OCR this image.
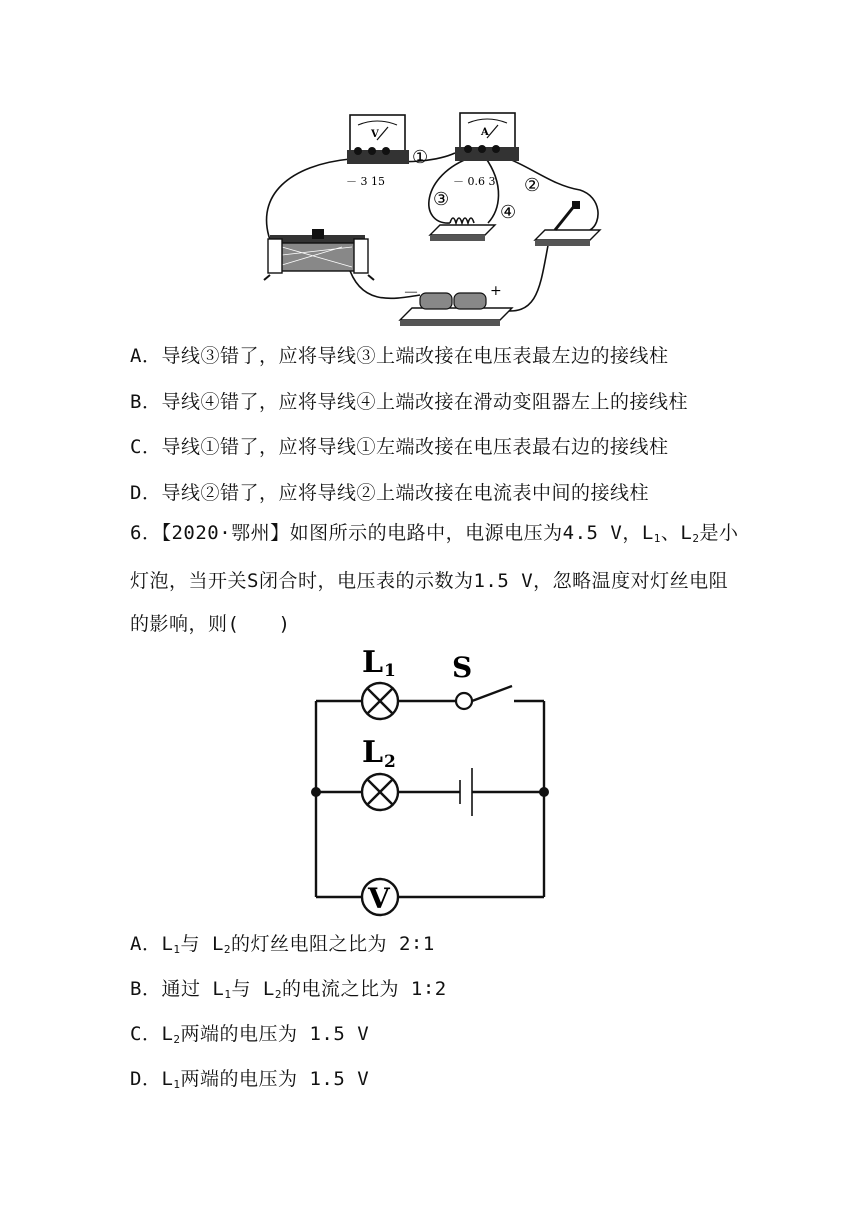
V
－ 3 15
A
－ 0.6 3
①
②
③
④
－	+
A．导线③错了，应将导线③上端改接在电压表最左边的接线柱
B．导线④错了，应将导线④上端改接在滑动变阻器左上的接线柱
C．导线①错了，应将导线①左端改接在电压表最右边的接线柱
D．导线②错了，应将导线②上端改接在电流表中间的接线柱
6．【2020·鄂州】如图所示的电路中，电源电压为4.5 V，$L_1$、$L_2$是小灯泡，当开关S闭合时，电压表的示数为1.5 V，忽略温度对灯丝电阻的影响，则(　　)
L 1 S
L 2
V
A．$L_1$与 $L_2$的灯丝电阻之比为 2∶1
B．通过 $L_1$与 $L_2$的电流之比为 1∶2
C．$L_2$两端的电压为 1.5 V
D．$L_1$两端的电压为 1.5 V
